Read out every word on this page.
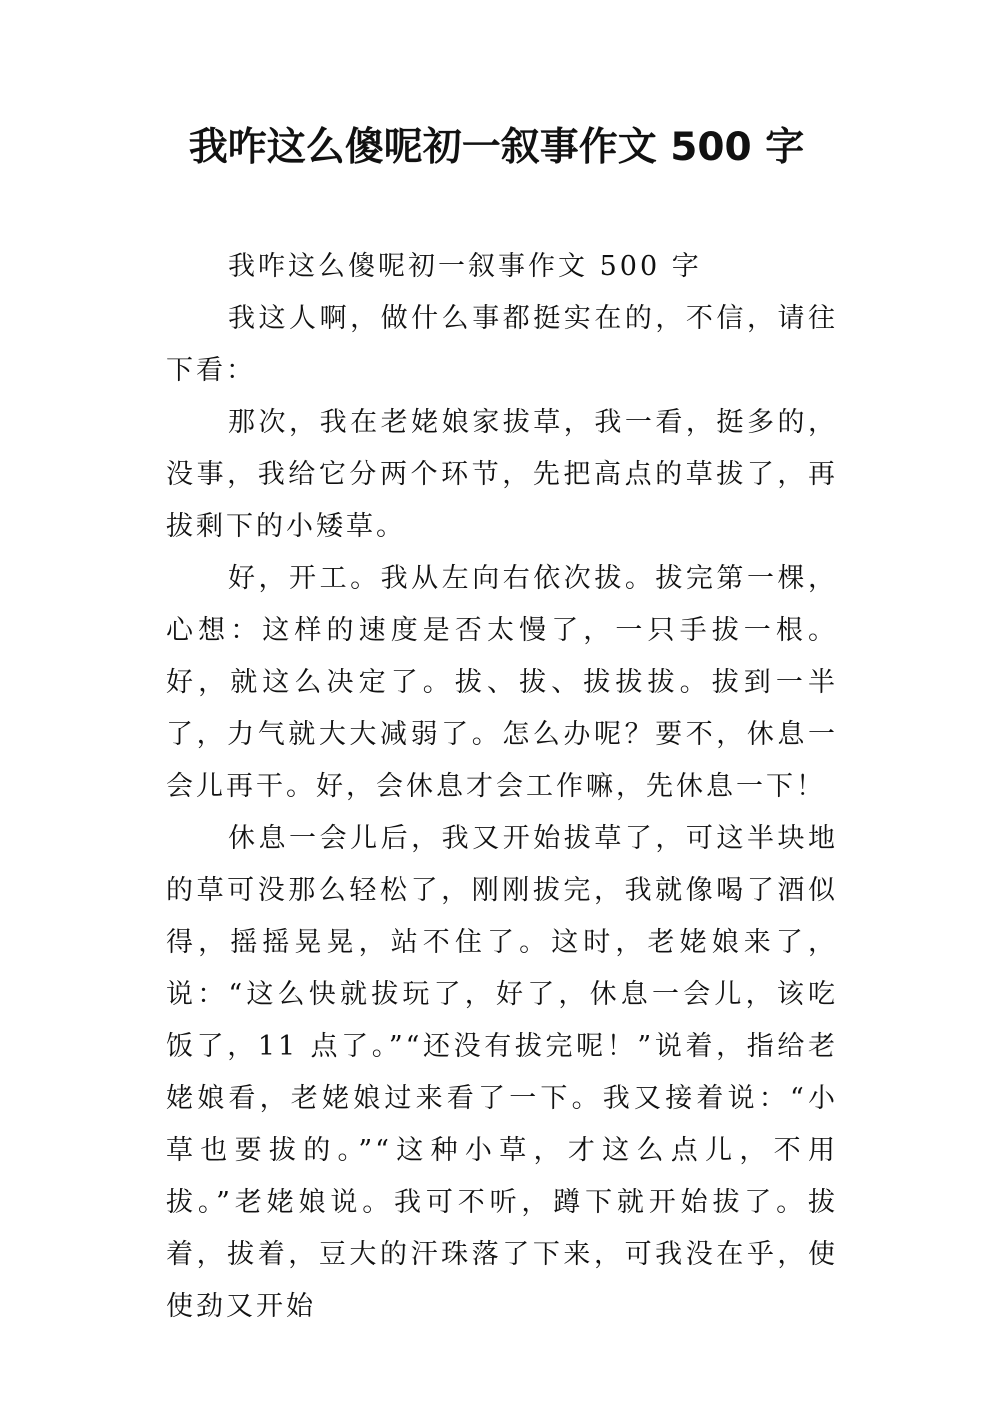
我咋这么傻呢初一叙事作文 500 字

我咋这么傻呢初一叙事作文 500 字

我这人啊，做什么事都挺实在的，不信，请往下看：

那次，我在老姥娘家拔草，我一看，挺多的，没事，我给它分两个环节，先把高点的草拔了，再拔剩下的小矮草。

好，开工。我从左向右依次拔。拔完第一棵，心想：这样的速度是否太慢了，一只手拔一根。好，就这么决定了。拔、拔、拔拔拔。拔到一半了，力气就大大减弱了。怎么办呢？要不，休息一会儿再干。好，会休息才会工作嘛，先休息一下！

休息一会儿后，我又开始拔草了，可这半块地的草可没那么轻松了，刚刚拔完，我就像喝了酒似得，摇摇晃晃，站不住了。这时，老姥娘来了，说：“这么快就拔玩了，好了，休息一会儿，该吃饭了，11 点了。”“还没有拔完呢！”说着，指给老姥娘看，老姥娘过来看了一下。我又接着说：“小草也要拔的。”“这种小草，才这么点儿，不用拔。”老姥娘说。我可不听，蹲下就开始拔了。拔着，拔着，豆大的汗珠落了下来，可我没在乎，使使劲又开始
